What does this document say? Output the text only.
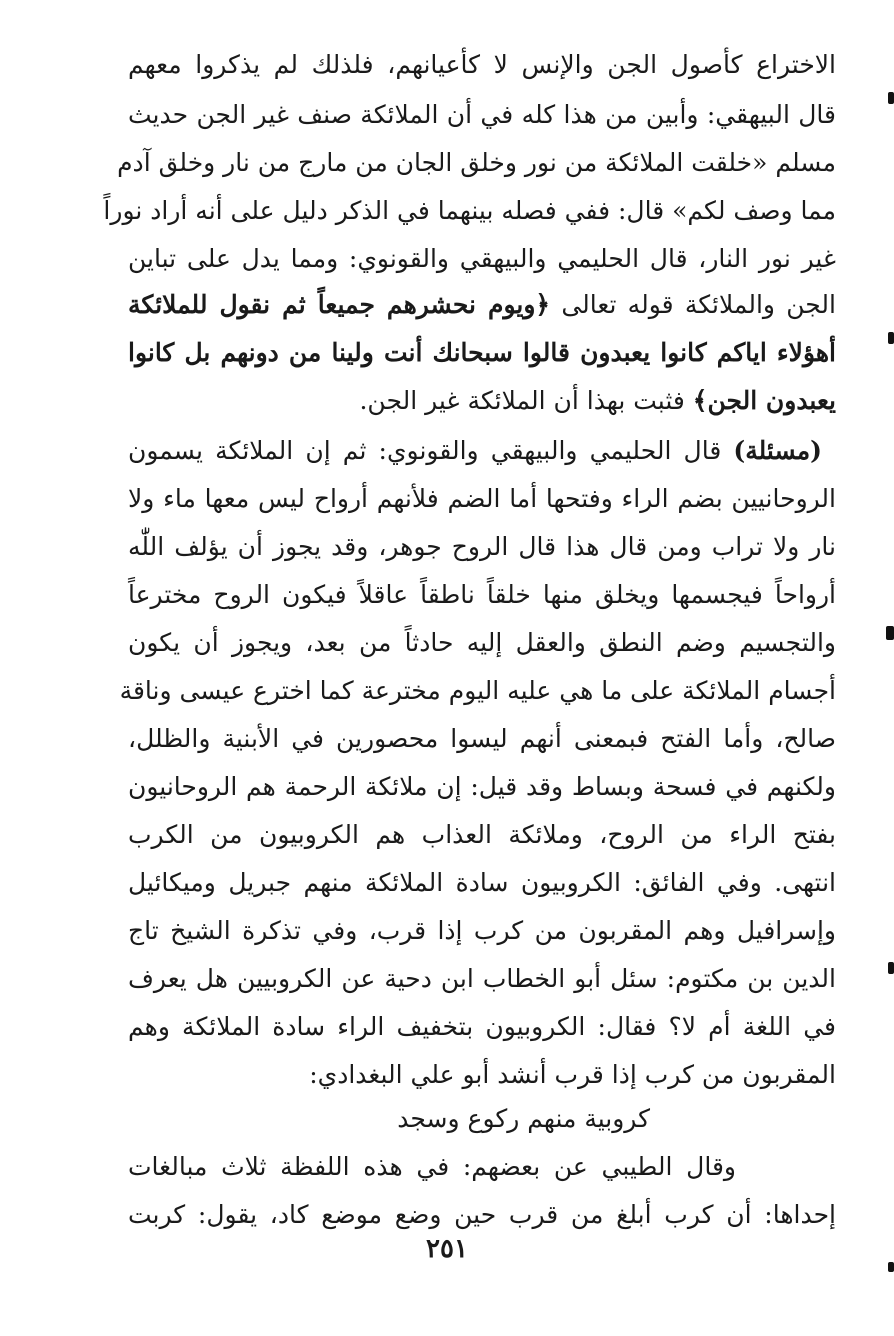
الاختراع كأصول الجن والإنس لا كأعيانهم، فلذلك لم يذكروا معهم
قال البيهقي: وأبين من هذا كله في أن الملائكة صنف غير الجن حديث
مسلم «خلقت الملائكة من نور وخلق الجان من مارج من نار وخلق آدم
مما وصف لكم» قال: ففي فصله بينهما في الذكر دليل على أنه أراد نوراً
غير نور النار، قال الحليمي والبيهقي والقونوي: ومما يدل على تباين
الجن والملائكة قوله تعالى ﴿ويوم نحشرهم جميعاً ثم نقول للملائكة
أهؤلاء اياكم كانوا يعبدون قالوا سبحانك أنت ولينا من دونهم بل كانوا
يعبدون الجن﴾ فثبت بهذا أن الملائكة غير الجن.
(مسئلة) قال الحليمي والبيهقي والقونوي: ثم إن الملائكة يسمون
الروحانيين بضم الراء وفتحها أما الضم فلأنهم أرواح ليس معها ماء ولا
نار ولا تراب ومن قال هذا قال الروح جوهر، وقد يجوز أن يؤلف اللّٰه
أرواحاً فيجسمها ويخلق منها خلقاً ناطقاً عاقلاً فيكون الروح مخترعاً
والتجسيم وضم النطق والعقل إليه حادثاً من بعد، ويجوز أن يكون
أجسام الملائكة على ما هي عليه اليوم مخترعة كما اخترع عيسى وناقة
صالح، وأما الفتح فبمعنى أنهم ليسوا محصورين في الأبنية والظلل،
ولكنهم في فسحة وبساط وقد قيل: إن ملائكة الرحمة هم الروحانيون
بفتح الراء من الروح، وملائكة العذاب هم الكروبيون من الكرب
انتهى. وفي الفائق: الكروبيون سادة الملائكة منهم جبريل وميكائيل
وإسرافيل وهم المقربون من كرب إذا قرب، وفي تذكرة الشيخ تاج
الدين بن مكتوم: سئل أبو الخطاب ابن دحية عن الكروبيين هل يعرف
في اللغة أم لا؟ فقال: الكروبيون بتخفيف الراء سادة الملائكة وهم
المقربون من كرب إذا قرب أنشد أبو علي البغدادي:
كروبية منهم ركوع وسجد
وقال الطيبي عن بعضهم: في هذه اللفظة ثلاث مبالغات
إحداها: أن كرب أبلغ من قرب حين وضع موضع كاد، يقول: كربت
٢٥١
